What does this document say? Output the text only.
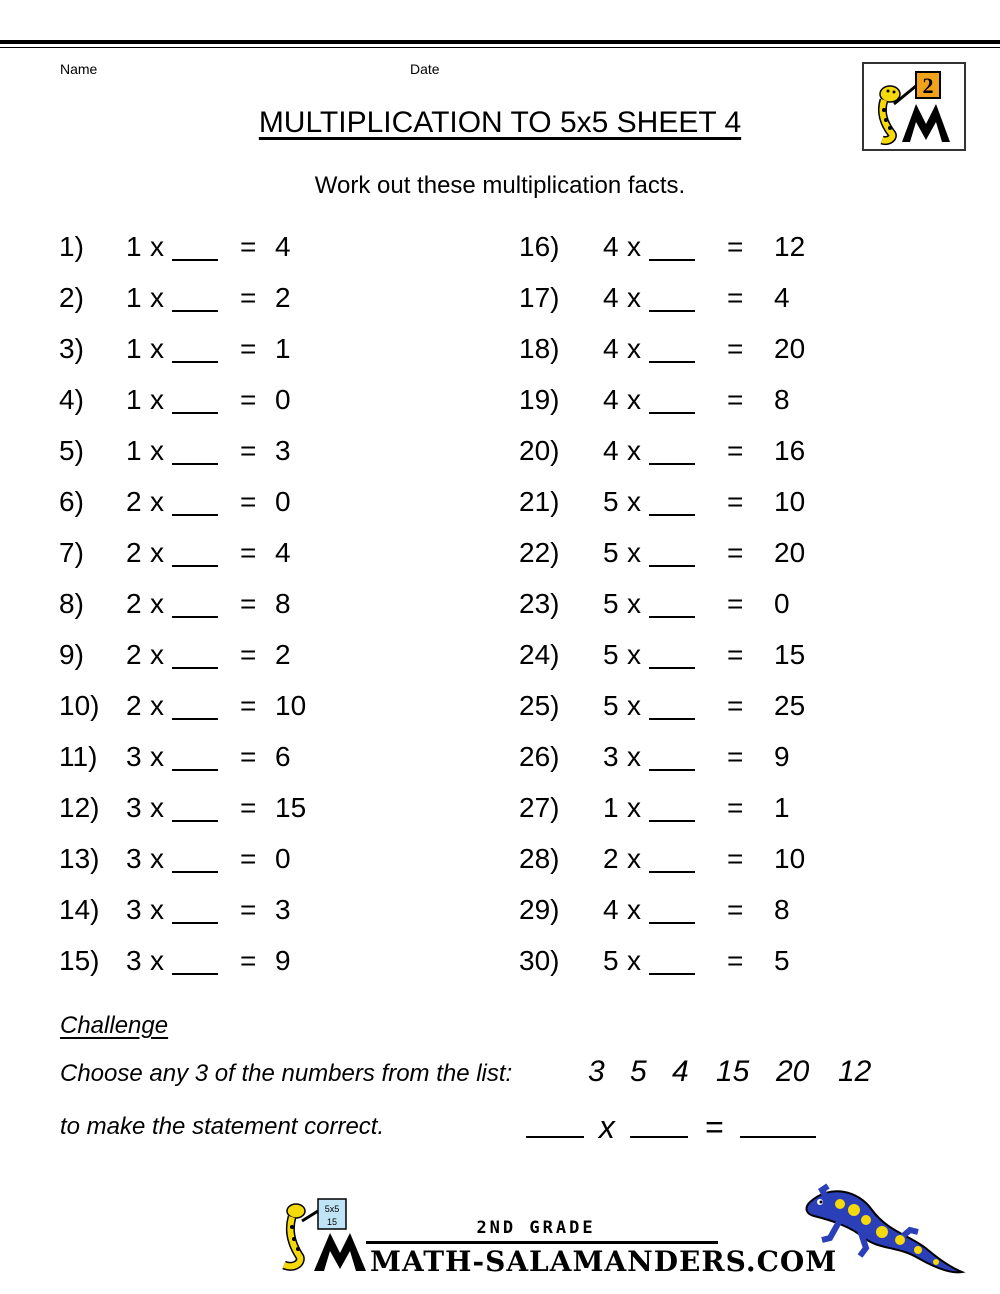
Name	Date
MULTIPLICATION TO 5x5 SHEET 4
Work out these multiplication facts.
2
1) 1 x	= 4
2) 1 x	= 2
3) 1 x	= 1
4) 1 x	= 0
5) 1 x	= 3
6) 2 x	= 0
7) 2 x	= 4
8) 2 x	= 8
9) 2 x	= 2
10) 2 x	= 10
11) 3 x	= 6
12) 3 x	= 15
13) 3 x	= 0
14) 3 x	= 3
15) 3 x	= 9
16) 4 x	= 12
17) 4 x	= 4
18) 4 x	= 20
19) 4 x	= 8
20) 4 x	= 16
21) 5 x	= 10
22) 5 x	= 20
23) 5 x	= 0
24) 5 x	= 15
25) 5 x	= 25
26) 3 x	= 9
27) 1 x	= 1
28) 2 x	= 10
29) 4 x	= 8
30) 5 x	= 5
Challenge
Choose any 3 of the numbers from the list:	3 5 4 15 20 12
to make the statement correct.	x	=
5x5
15	2ND GRADE
MATH-SALAMANDERS.COM
